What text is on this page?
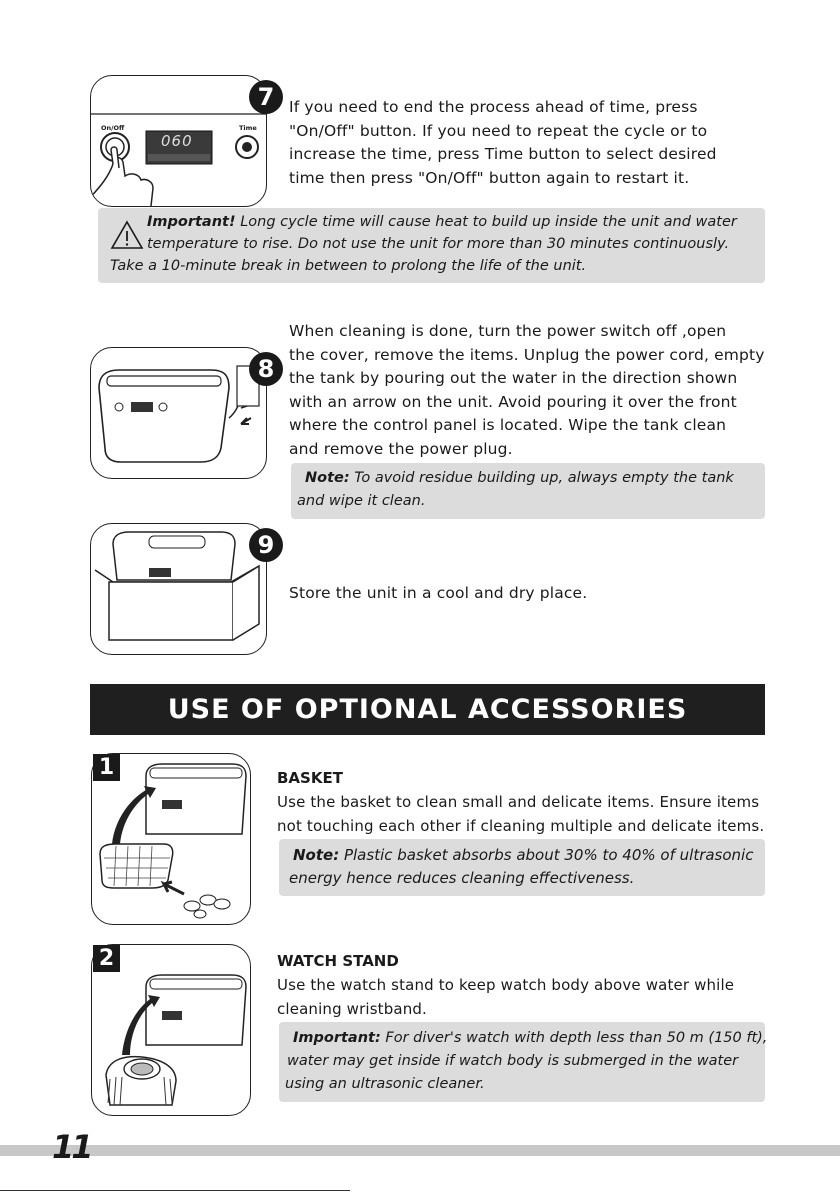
On/Off	Time
060
7 If you need to end the process ahead of time, press
"On/Off" button. If you need to repeat the cycle or to
increase the time, press Time button to select desired
time then press "On/Off" button again to restart it.
Important! Long cycle time will cause heat to build up inside the unit and water
temperature to rise. Do not use the unit for more than 30 minutes continuously.
Take a 10-minute break in between to prolong the life of the unit.
8
When cleaning is done, turn the power switch off ,open
the cover, remove the items. Unplug the power cord, empty
the tank by pouring out the water in the direction shown
with an arrow on the unit. Avoid pouring it over the front
where the control panel is located. Wipe the tank clean
and remove the power plug.
Note: To avoid residue building up, always empty the tank
and wipe it clean.
9
Store the unit in a cool and dry place.
USE OF OPTIONAL ACCESSORIES
1	BASKET
Use the basket to clean small and delicate items. Ensure items
not touching each other if cleaning multiple and delicate items.
Note: Plastic basket absorbs about 30% to 40% of ultrasonic
energy hence reduces cleaning effectiveness.
2	WATCH STAND
Use the watch stand to keep watch body above water while
cleaning wristband.
Important: For diver's watch with depth less than 50 m (150 ft),
water may get inside if watch body is submerged in the water
using an ultrasonic cleaner.
11
